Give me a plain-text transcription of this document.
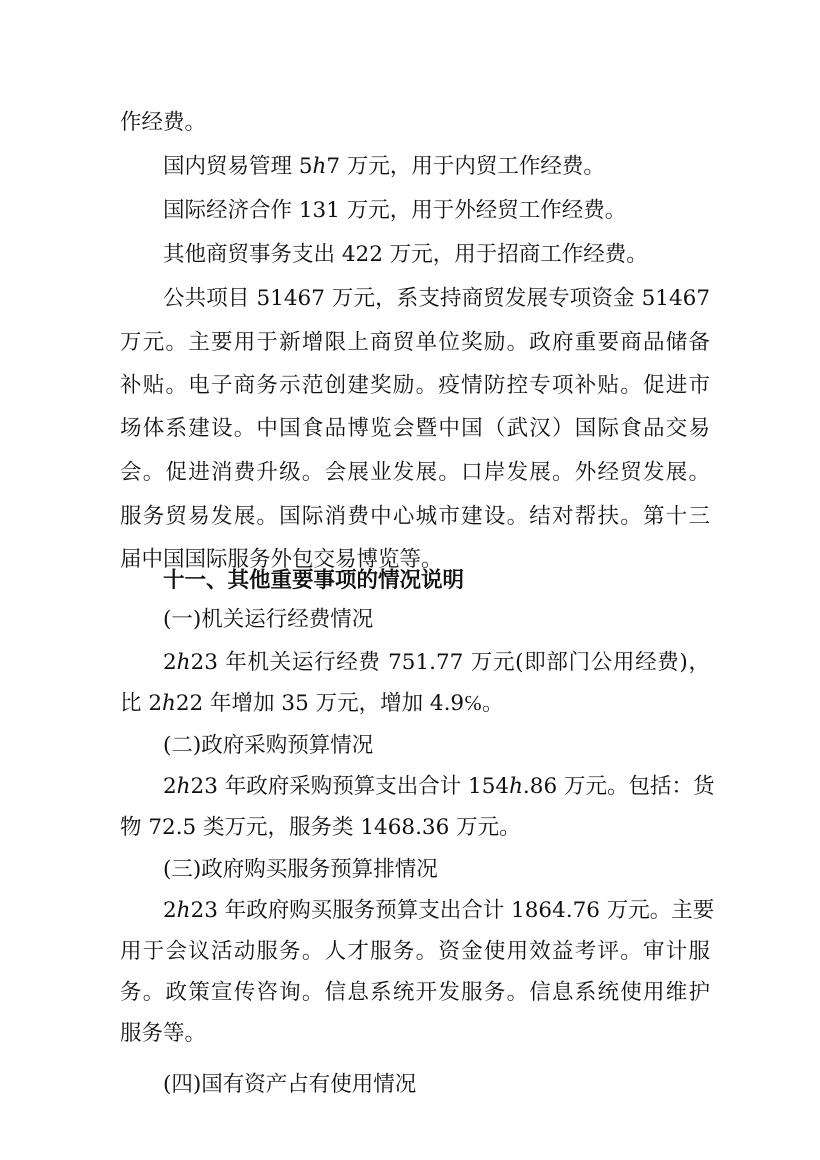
作经费。
国内贸易管理 5ℎ7 万元，用于内贸工作经费。
国际经济合作 131 万元，用于外经贸工作经费。
其他商贸事务支出 422 万元，用于招商工作经费。
公共项目 51467 万元，系支持商贸发展专项资金 51467
万元。主要用于新增限上商贸单位奖励。政府重要商品储备
补贴。电子商务示范创建奖励。疫情防控专项补贴。促进市
场体系建设。中国食品博览会暨中国（武汉）国际食品交易
会。促进消费升级。会展业发展。口岸发展。外经贸发展。
服务贸易发展。国际消费中心城市建设。结对帮扶。第十三
届中国国际服务外包交易博览等。
十一、其他重要事项的情况说明
(一)机关运行经费情况
2ℎ23 年机关运行经费 751.77 万元(即部门公用经费)，
比 2ℎ22 年增加 35 万元，增加 4.9℅。
(二)政府采购预算情况
2ℎ23 年政府采购预算支出合计 154ℎ.86 万元。包括：货
物 72.5 类万元，服务类 1468.36 万元。
(三)政府购买服务预算排情况
2ℎ23 年政府购买服务预算支出合计 1864.76 万元。主要
用于会议活动服务。人才服务。资金使用效益考评。审计服
务。政策宣传咨询。信息系统开发服务。信息系统使用维护
服务等。
(四)国有资产占有使用情况
